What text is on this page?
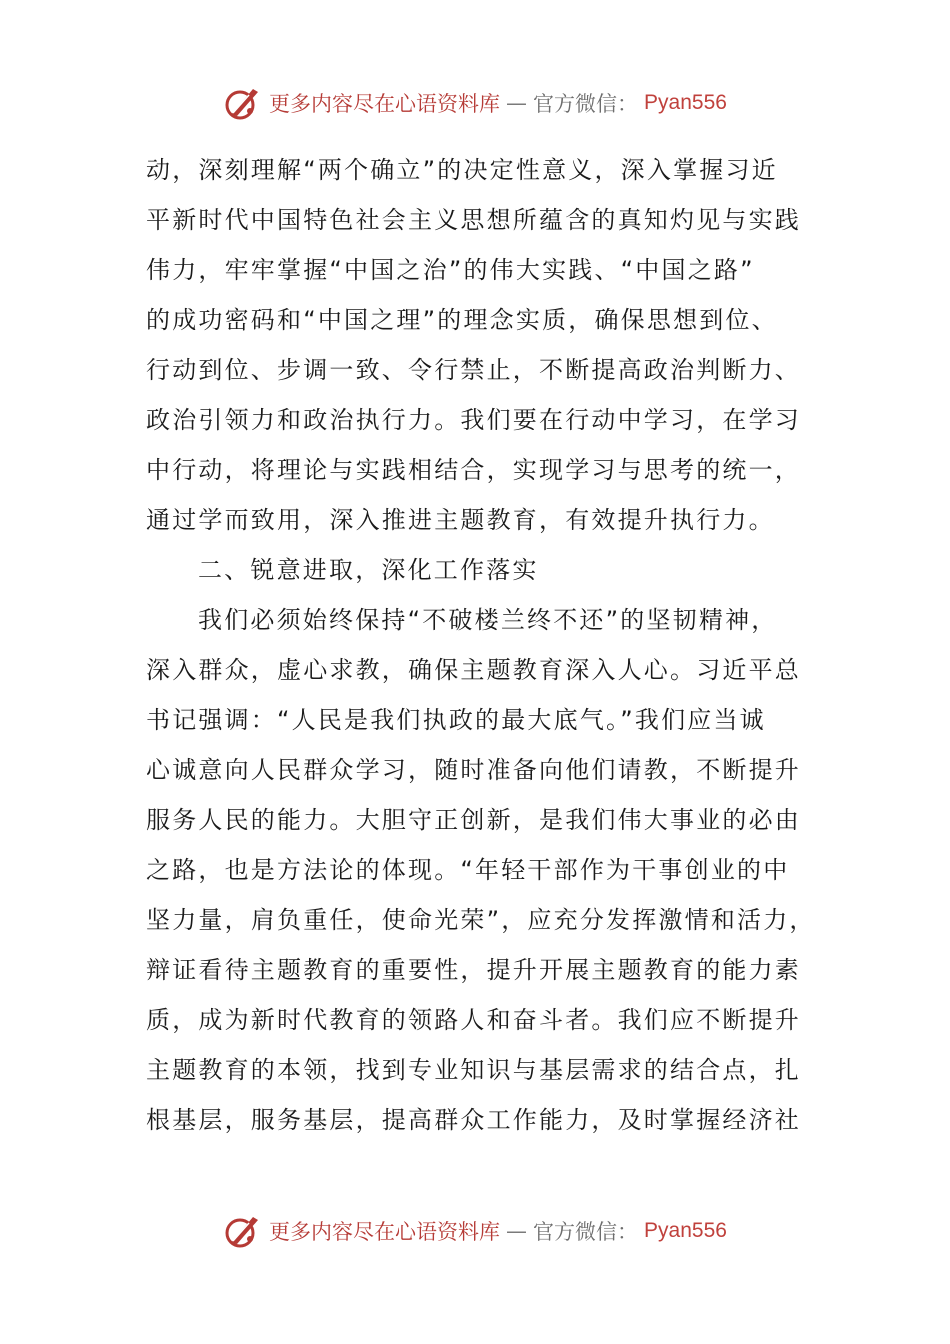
更多内容尽在心语资料库 — 官方微信： Pyan556
动，深刻理解“两个确立”的决定性意义，深入掌握习近
平新时代中国特色社会主义思想所蕴含的真知灼见与实践
伟力，牢牢掌握“中国之治”的伟大实践、“中国之路”
的成功密码和“中国之理”的理念实质，确保思想到位、
行动到位、步调一致、令行禁止，不断提高政治判断力、
政治引领力和政治执行力。我们要在行动中学习，在学习
中行动，将理论与实践相结合，实现学习与思考的统一，
通过学而致用，深入推进主题教育，有效提升执行力。
二、锐意进取，深化工作落实
我们必须始终保持“不破楼兰终不还”的坚韧精神，
深入群众，虚心求教，确保主题教育深入人心。习近平总
书记强调：“人民是我们执政的最大底气。”我们应当诚
心诚意向人民群众学习，随时准备向他们请教，不断提升
服务人民的能力。大胆守正创新，是我们伟大事业的必由
之路，也是方法论的体现。“年轻干部作为干事创业的中
坚力量，肩负重任，使命光荣”，应充分发挥激情和活力，
辩证看待主题教育的重要性，提升开展主题教育的能力素
质，成为新时代教育的领路人和奋斗者。我们应不断提升
主题教育的本领，找到专业知识与基层需求的结合点，扎
根基层，服务基层，提高群众工作能力，及时掌握经济社
更多内容尽在心语资料库 — 官方微信： Pyan556
